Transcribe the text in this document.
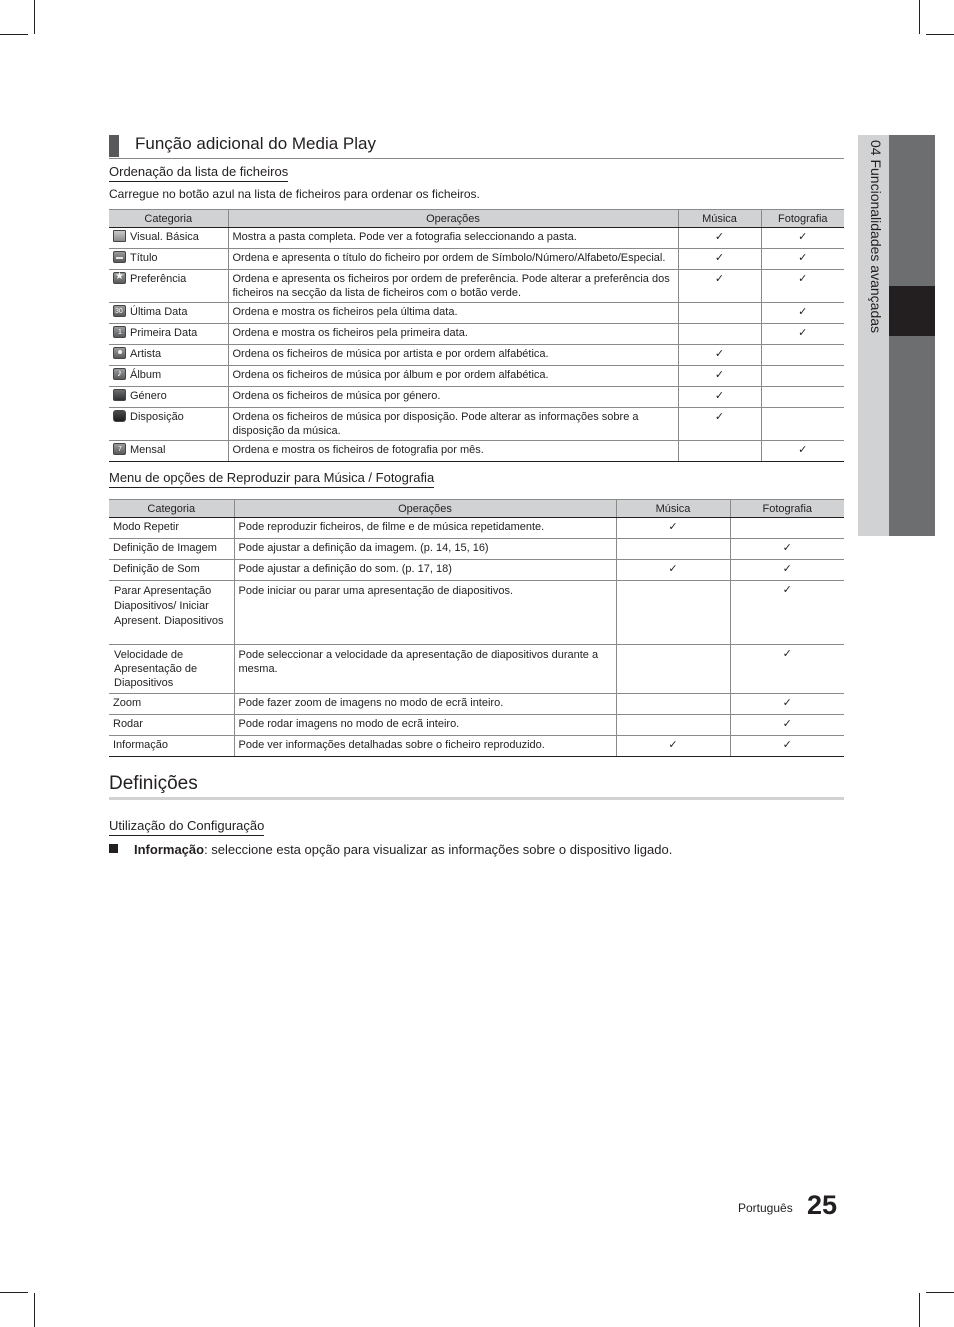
Função adicional do Media Play
Ordenação da lista de ficheiros
Carregue no botão azul na lista de ficheiros para ordenar os ficheiros.
Categoria	Operações	Música	Fotografia
Visual. Básica	Mostra a pasta completa. Pode ver a fotografia seleccionando a pasta.	✓	✓
Título	Ordena e apresenta o título do ficheiro por ordem de Símbolo/Número/Alfabeto/Especial.	✓	✓
★Preferência	Ordena e apresenta os ficheiros por ordem de preferência. Pode alterar a preferência dos ficheiros na secção da lista de ficheiros com o botão verde.	✓	✓
30Última Data	Ordena e mostra os ficheiros pela última data.		✓
1Primeira Data	Ordena e mostra os ficheiros pela primeira data.		✓
Artista	Ordena os ficheiros de música por artista e por ordem alfabética.	✓	
♪Álbum	Ordena os ficheiros de música por álbum e por ordem alfabética.	✓	
Género	Ordena os ficheiros de música por género.	✓	
Disposição	Ordena os ficheiros de música por disposição. Pode alterar as informações sobre a disposição da música.	✓	
7Mensal	Ordena e mostra os ficheiros de fotografia por mês.		✓
Menu de opções de Reproduzir para Música / Fotografia
Categoria	Operações	Música	Fotografia
Modo Repetir	Pode reproduzir ficheiros, de filme e de música repetidamente.	✓	
Definição de Imagem	Pode ajustar a definição da imagem. (p. 14, 15, 16)		✓
Definição de Som	Pode ajustar a definição do som. (p. 17, 18)	✓	✓
Parar Apresentação Diapositivos/ Iniciar Apresent. Diapositivos	Pode iniciar ou parar uma apresentação de diapositivos.		✓
Velocidade de Apresentação de Diapositivos	Pode seleccionar a velocidade da apresentação de diapositivos durante a mesma.		✓
Zoom	Pode fazer zoom de imagens no modo de ecrã inteiro.		✓
Rodar	Pode rodar imagens no modo de ecrã inteiro.		✓
Informação	Pode ver informações detalhadas sobre o ficheiro reproduzido.	✓	✓
Definições
Utilização do Configuração
Informação: seleccione esta opção para visualizar as informações sobre o dispositivo ligado.
04 Funcionalidades avançadas
Português 25
